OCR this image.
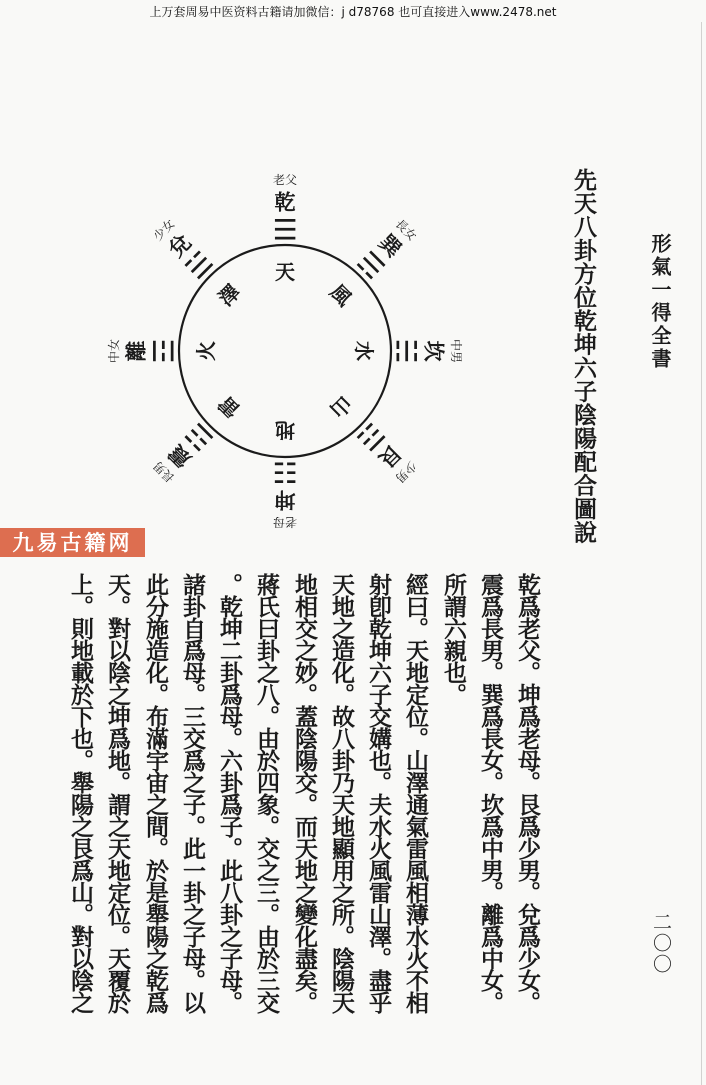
上万套周易中医资料古籍请加微信：j d78768 也可直接进入www.2478.net
形氣一得全書
二〇〇
先天八卦方位乾坤六子陰陽配合圖說
天
☰
乾
老父
風
☴
巽
長女
水 ☵ 坎 中男
山
☶
艮
少男
地
☷
坤
老母
雷
☳
震
長男
火
☲
離
中女
澤
☱
兌
少女
乾爲老父。坤爲老母。艮爲少男。兌爲少女。
震爲長男。巽爲長女。坎爲中男。離爲中女。
所謂六親也。
經曰。天地定位。山澤通氣雷風相薄水火不相
射卽乾坤六子交媾也。夫水火風雷山澤。盡乎
天地之造化。故八卦乃天地顯用之所。陰陽天
地相交之妙。蓋陰陽交。而天地之變化盡矣。
蔣氏曰卦之八。由於四象。交之三。由於三交
。乾坤二卦爲母。六卦爲子。此八卦之子母。
諸卦自爲母。三交爲之子。此一卦之子母。以
此分施造化。布滿宇宙之間。於是舉陽之乾爲
天。對以陰之坤爲地。謂之天地定位。天覆於
上。則地載於下也。舉陽之艮爲山。對以陰之
九易古籍网
